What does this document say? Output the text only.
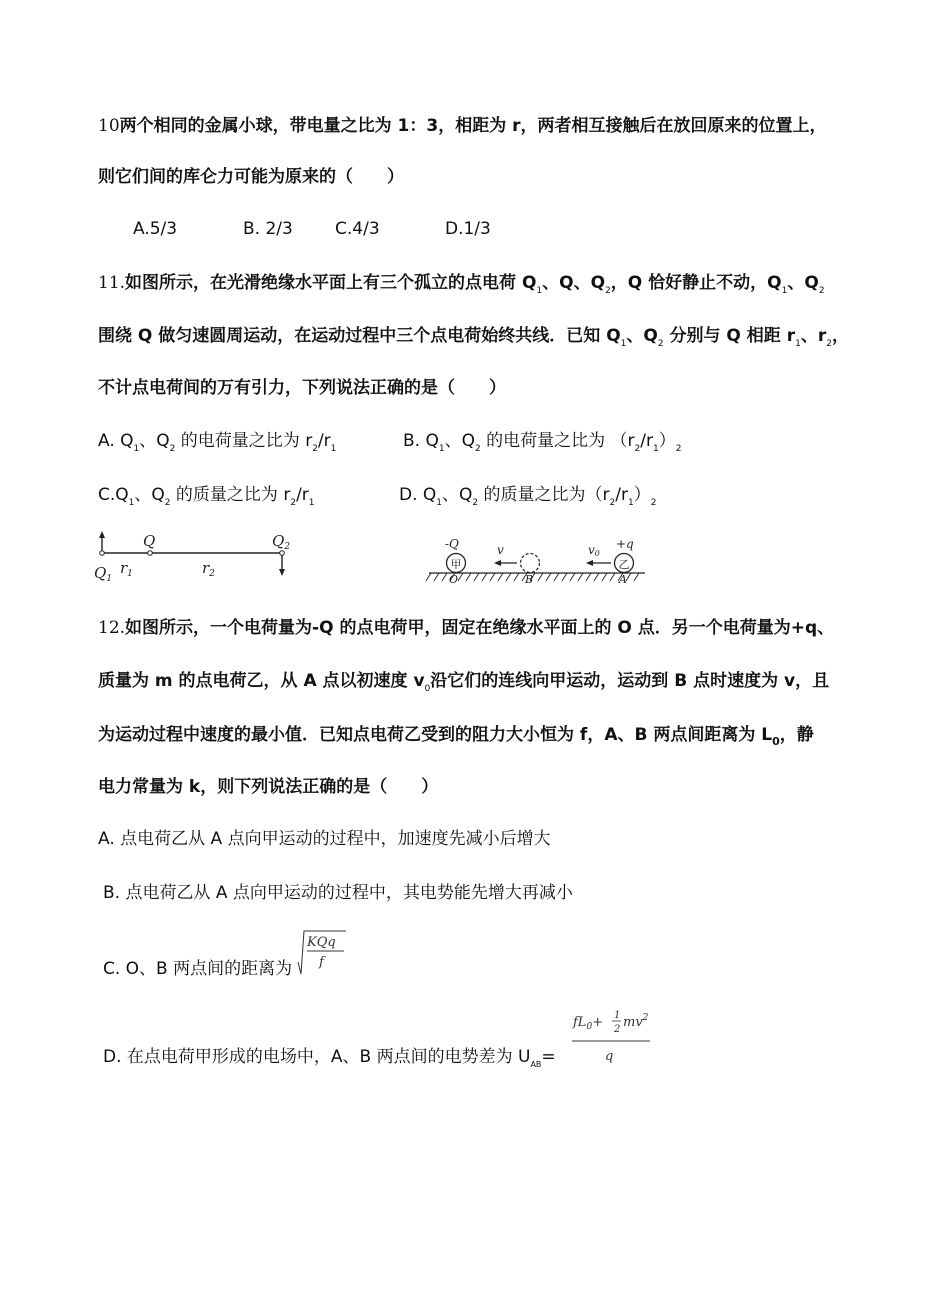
10两个相同的金属小球，带电量之比为 1：3，相距为 r，两者相互接触后在放回原来的位置上，
则它们间的库仑力可能为原来的（　　）
A.5/3	B. 2/3 C.4/3	D.1/3
11.如图所示，在光滑绝缘水平面上有三个孤立的点电荷 $Q_1$、Q、$Q_2$，Q 恰好静止不动，$Q_1$、$Q_2$
围绕 Q 做匀速圆周运动，在运动过程中三个点电荷始终共线．已知 $Q_1$、$Q_2$ 分别与 Q 相距 $r_1$、$r_2$，
不计点电荷间的万有引力，下列说法正确的是（　　）
A. $Q_1$、$Q_2$ 的电荷量之比为 $r_2/r_1$	B. $Q_1$、$Q_2$ 的电荷量之比为 $(r_2/r_1)_2$
$C.Q_1$、$Q_2$ 的质量之比为 $r_2/r_1$	D. $Q_1$、$Q_2$ 的质量之比为$(r_2/r_1)_2$
Q
$Q_1$
$r_1$	$r_2$
$Q_2$
甲	乙
-Q	v	v0
+q
O	B	A
12.如图所示，一个电荷量为-Q 的点电荷甲，固定在绝缘水平面上的 O 点．另一个电荷量为+q、
质量为 m 的点电荷乙，从 A 点以初速度 $v_0$沿它们的连线向甲运动，运动到 B 点时速度为 v，且
为运动过程中速度的最小值．已知点电荷乙受到的阻力大小恒为 f，A、B 两点间距离为 $L_0$，静
电力常量为 k，则下列说法正确的是（　　）
A. 点电荷乙从 A 点向甲运动的过程中，加速度先减小后增大
B. 点电荷乙从 A 点向甲运动的过程中，其电势能先增大再减小
C. O、B 两点间的距离为
KQq
f
D. 在点电荷甲形成的电场中，A、B 两点间的电势差为 $U_{AB}=$
$fL_0+ 1$
2 $mv^2$
q
